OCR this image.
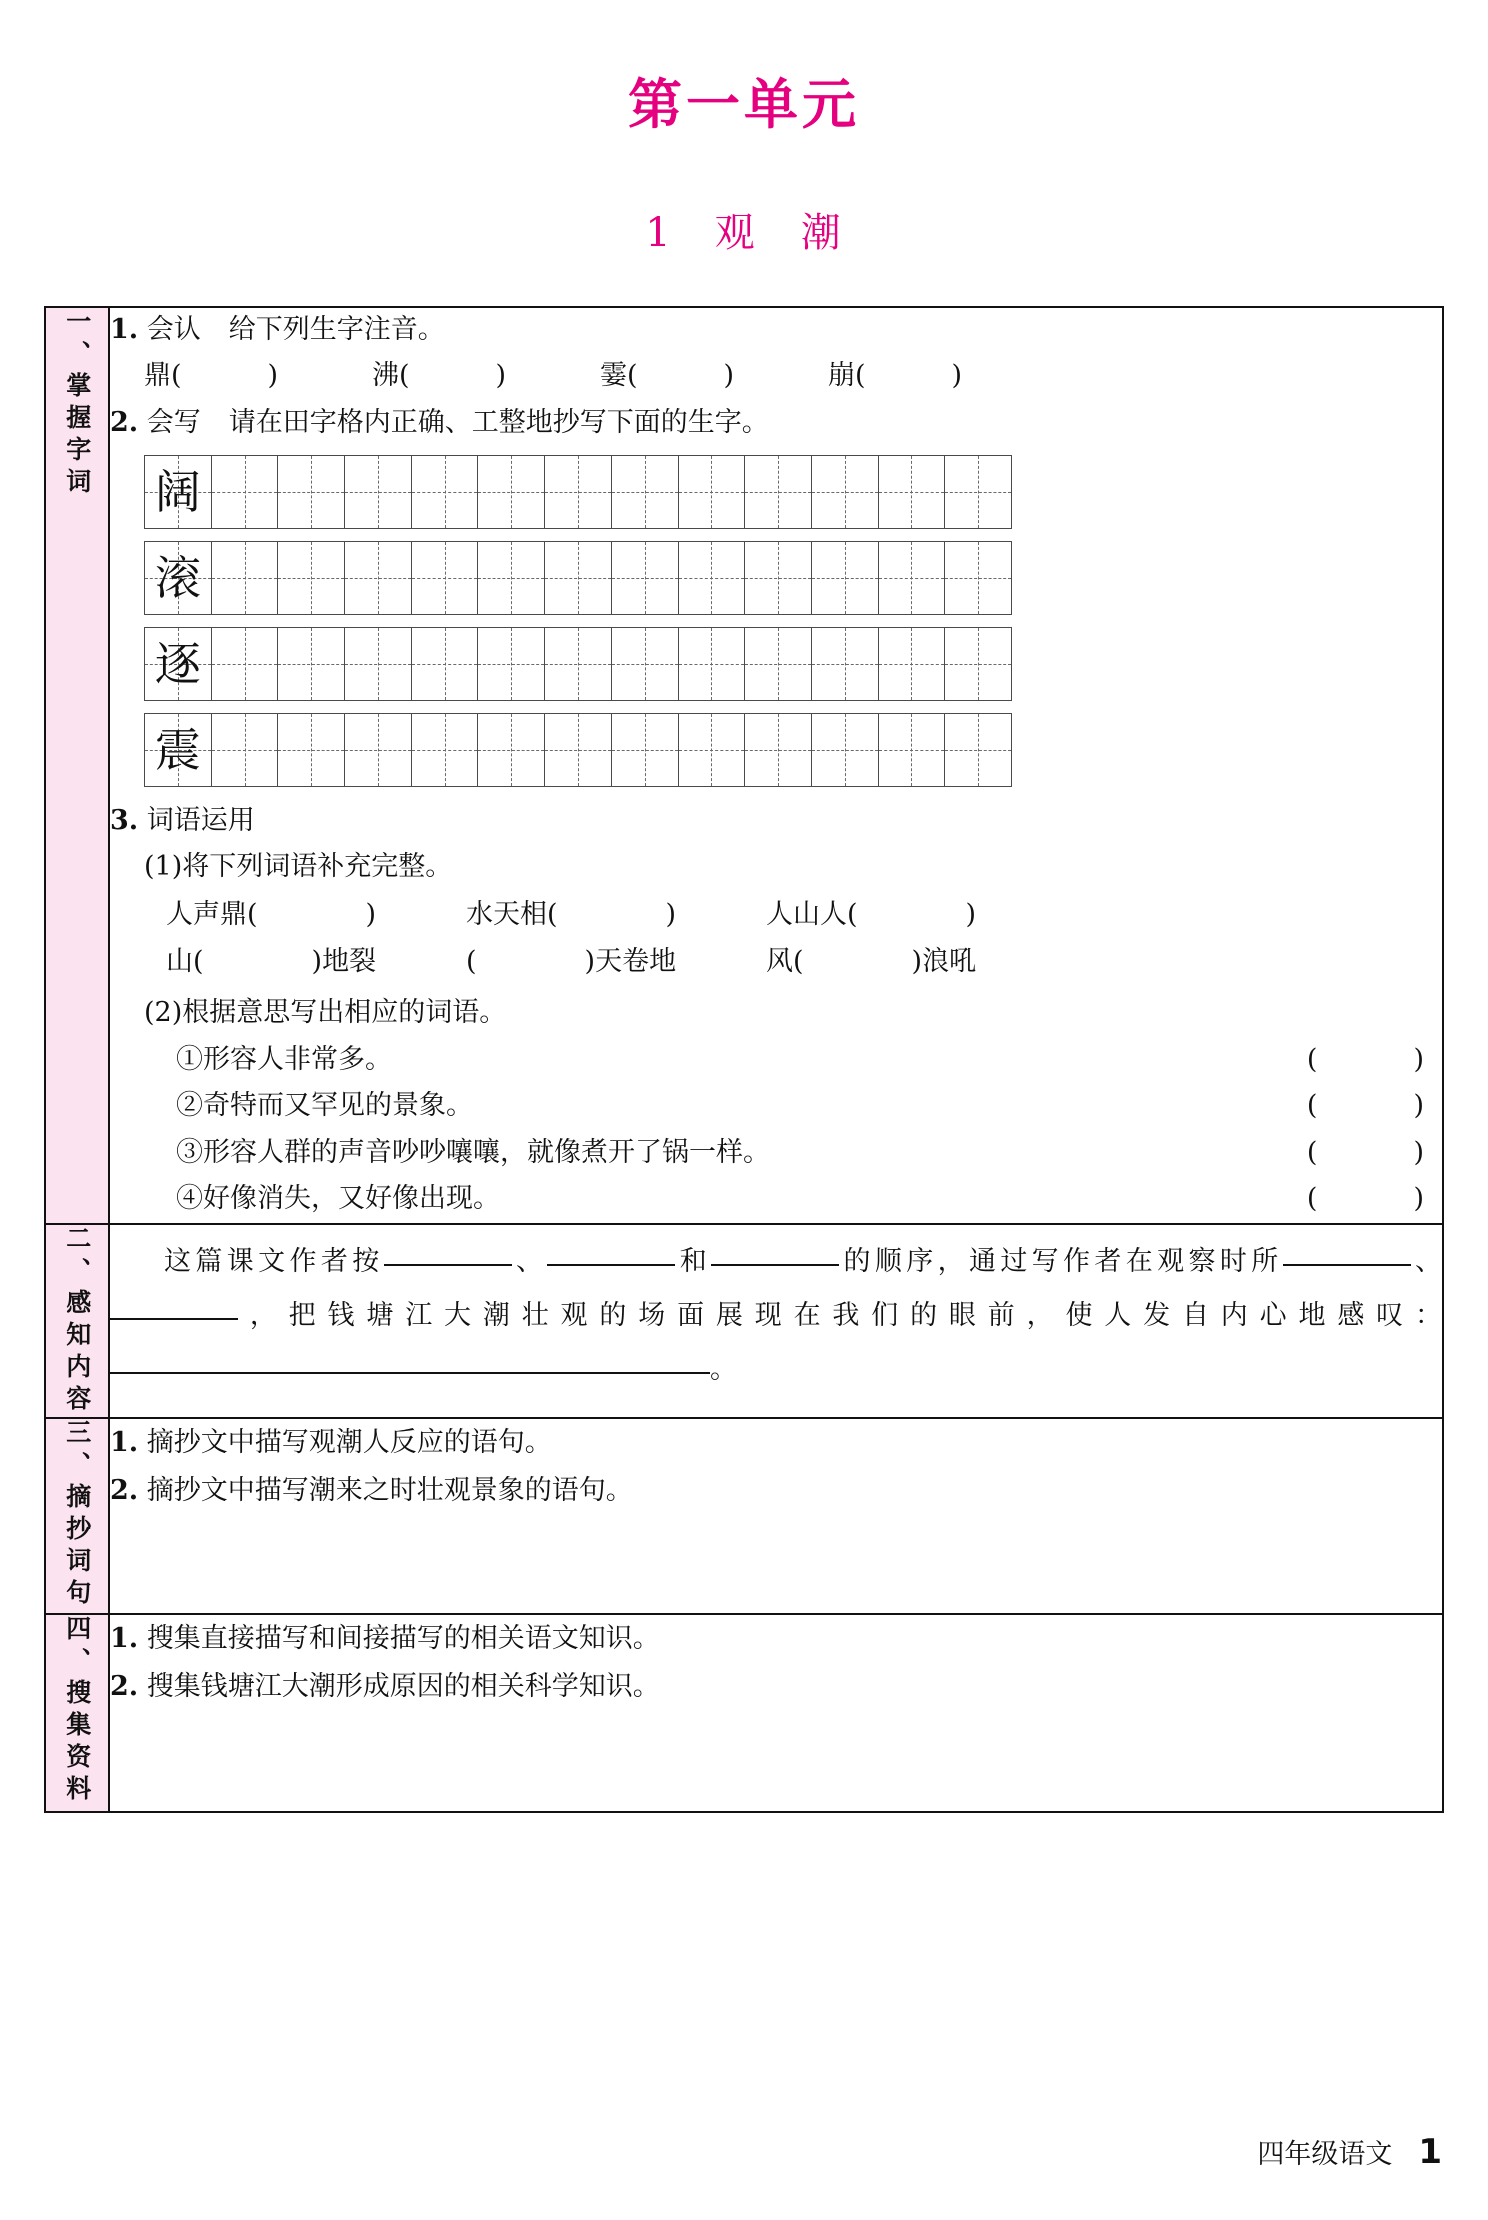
第一单元
1 观 潮
一、掌握字词	1. 会认 给下列生字注音。
鼎(	)	沸(	)	霎(	)	崩(	)
2. 会写 请在田字格内正确、工整地抄写下面的生字。
阔												
滚												
逐												
震												
3. 词语运用
(1)将下列词语补充完整。
人声鼎(	)	水天相(	)	人山人(	)
山(	)地裂	(	)天卷地	风(	)浪吼
(2)根据意思写出相应的词语。
①形容人非常多。	(	)
②奇特而又罕见的景象。	(	)
③形容人群的声音吵吵嚷嚷，就像煮开了锅一样。	(	)
④好像消失，又好像出现。	(	)

二、感知内容	这篇课文作者按	、	和	的顺序，通过写作者在观察时所	、，把钱塘江大潮壮观的场面展现在我们的眼前，使人发自内心地感叹：。

三、摘抄词句	1. 摘抄文中描写观潮人反应的语句。
2. 摘抄文中描写潮来之时壮观景象的语句。

四、搜集资料	1. 搜集直接描写和间接描写的相关语文知识。
2. 搜集钱塘江大潮形成原因的相关科学知识。
四年级语文 1
